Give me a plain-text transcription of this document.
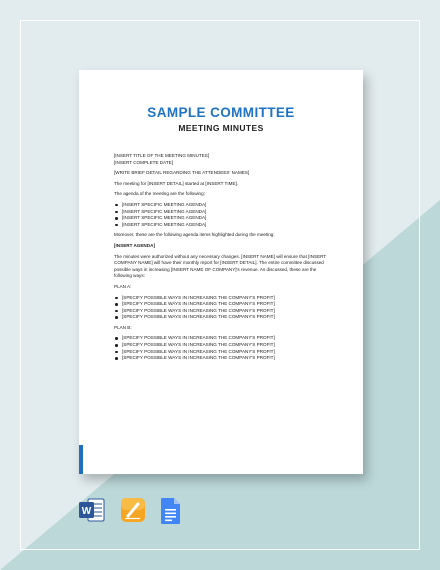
SAMPLE COMMITTEE
MEETING MINUTES

[INSERT TITLE OF THE MEETING MINUTES]
[INSERT COMPLETE DATE]

[WRITE BRIEF DETAIL REGARDING THE ATTENDEES' NAMES]

The meeting for [INSERT DETAIL] started at [INSERT TIME].

The agenda of the meeting are the following:

[INSERT SPECIFIC MEETING AGENDA]
[INSERT SPECIFIC MEETING AGENDA]
[INSERT SPECIFIC MEETING AGENDA]
[INSERT SPECIFIC MEETING AGENDA]

Moreover, these are the following agenda items highlighted during the meeting:

[INSERT AGENDA]

The minutes were authorized without any necessary changes. [INSERT NAME] will ensure that [INSERT COMPANY NAME] will have their monthly report for [INSERT DETAIL]. The entire committee discussed possible ways in increasing [INSERT NAME OF COMPANY]'s revenue. As discussed, these are the following ways:

PLAN A:

[SPECIFY POSSIBLE WAYS IN INCREASING THE COMPANY'S PROFIT]
[SPECIFY POSSIBLE WAYS IN INCREASING THE COMPANY'S PROFIT]
[SPECIFY POSSIBLE WAYS IN INCREASING THE COMPANY'S PROFIT]
[SPECIFY POSSIBLE WAYS IN INCREASING THE COMPANY'S PROFIT]

PLAN B:

[SPECIFY POSSIBLE WAYS IN INCREASING THE COMPANY'S PROFIT]
[SPECIFY POSSIBLE WAYS IN INCREASING THE COMPANY'S PROFIT]
[SPECIFY POSSIBLE WAYS IN INCREASING THE COMPANY'S PROFIT]
[SPECIFY POSSIBLE WAYS IN INCREASING THE COMPANY'S PROFIT]
W
